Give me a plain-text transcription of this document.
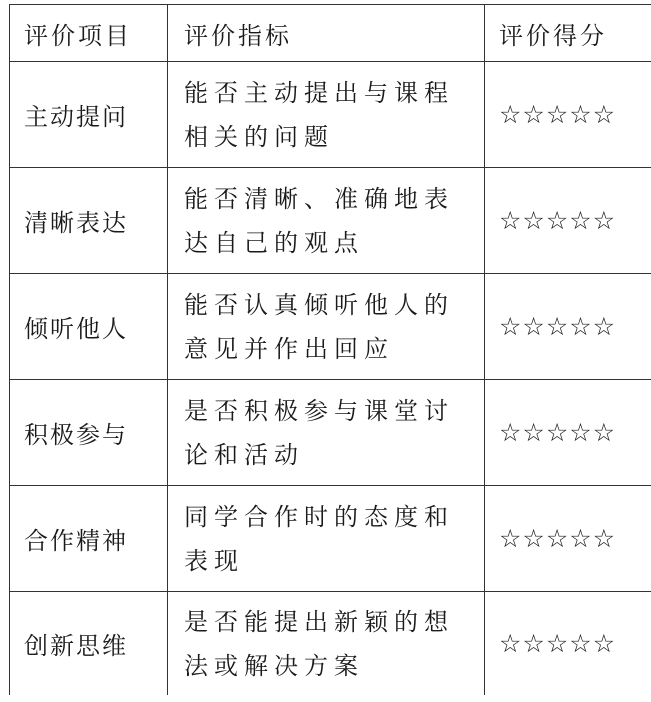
评价项目	评价指标	评价得分
主动提问	能否主动提出与课程相关的问题	☆☆☆☆☆
清晰表达	能否清晰、准确地表达自己的观点	☆☆☆☆☆
倾听他人	能否认真倾听他人的意见并作出回应	☆☆☆☆☆
积极参与	是否积极参与课堂讨论和活动	☆☆☆☆☆
合作精神	同学合作时的态度和表现	☆☆☆☆☆
创新思维	是否能提出新颖的想法或解决方案	☆☆☆☆☆
